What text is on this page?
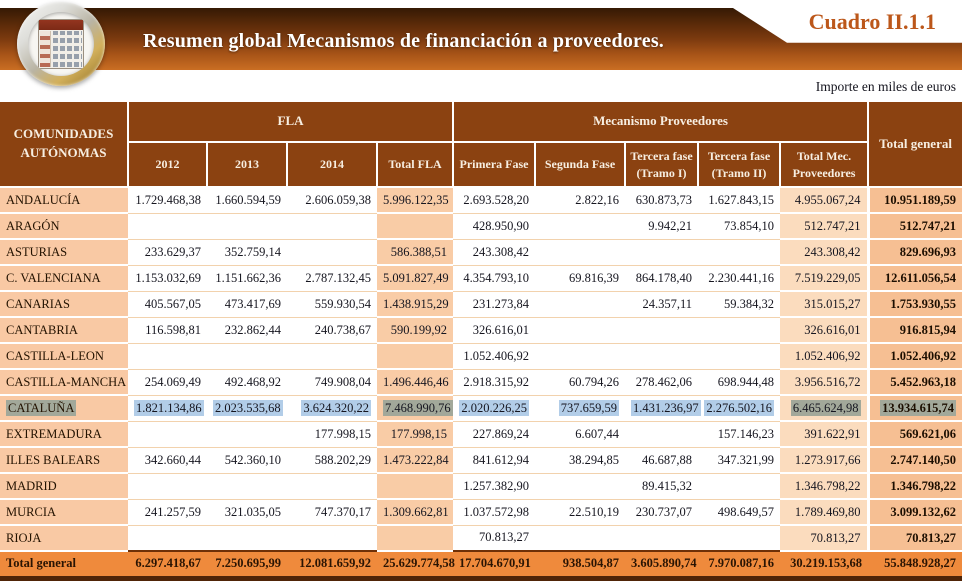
Resumen global Mecanismos de financiación a proveedores.
Cuadro II.1.1
Importe en miles de euros
COMUNIDADES AUTÓNOMAS	FLA				Mecanismo Proveedores					Total general
	2012	2013	2014	Total FLA	Primera Fase	Segunda Fase	Tercera fase (Tramo I)	Tercera fase (Tramo II)	Total Mec. Proveedores	
ANDALUCÍA	1.729.468,38	1.660.594,59	2.606.059,38	5.996.122,35	2.693.528,20	2.822,16	630.873,73	1.627.843,15	4.955.067,24	10.951.189,59
ARAGÓN					428.950,90		9.942,21	73.854,10	512.747,21	512.747,21
ASTURIAS	233.629,37	352.759,14		586.388,51	243.308,42				243.308,42	829.696,93
C. VALENCIANA	1.153.032,69	1.151.662,36	2.787.132,45	5.091.827,49	4.354.793,10	69.816,39	864.178,40	2.230.441,16	7.519.229,05	12.611.056,54
CANARIAS	405.567,05	473.417,69	559.930,54	1.438.915,29	231.273,84		24.357,11	59.384,32	315.015,27	1.753.930,55
CANTABRIA	116.598,81	232.862,44	240.738,67	590.199,92	326.616,01				326.616,01	916.815,94
CASTILLA-LEON					1.052.406,92				1.052.406,92	1.052.406,92
CASTILLA-MANCHA	254.069,49	492.468,92	749.908,04	1.496.446,46	2.918.315,92	60.794,26	278.462,06	698.944,48	3.956.516,72	5.452.963,18
CATALUÑA	1.821.134,86	2.023.535,68	3.624.320,22	7.468.990,76	2.020.226,25	737.659,59	1.431.236,97	2.276.502,16	6.465.624,98	13.934.615,74
EXTREMADURA			177.998,15	177.998,15	227.869,24	6.607,44		157.146,23	391.622,91	569.621,06
ILLES BALEARS	342.660,44	542.360,10	588.202,29	1.473.222,84	841.612,94	38.294,85	46.687,88	347.321,99	1.273.917,66	2.747.140,50
MADRID					1.257.382,90		89.415,32		1.346.798,22	1.346.798,22
MURCIA	241.257,59	321.035,05	747.370,17	1.309.662,81	1.037.572,98	22.510,19	230.737,07	498.649,57	1.789.469,80	3.099.132,62
RIOJA					70.813,27				70.813,27	70.813,27
Total general	6.297.418,67	7.250.695,99	12.081.659,92	25.629.774,58	17.704.670,91	938.504,87	3.605.890,74	7.970.087,16	30.219.153,68	55.848.928,27
